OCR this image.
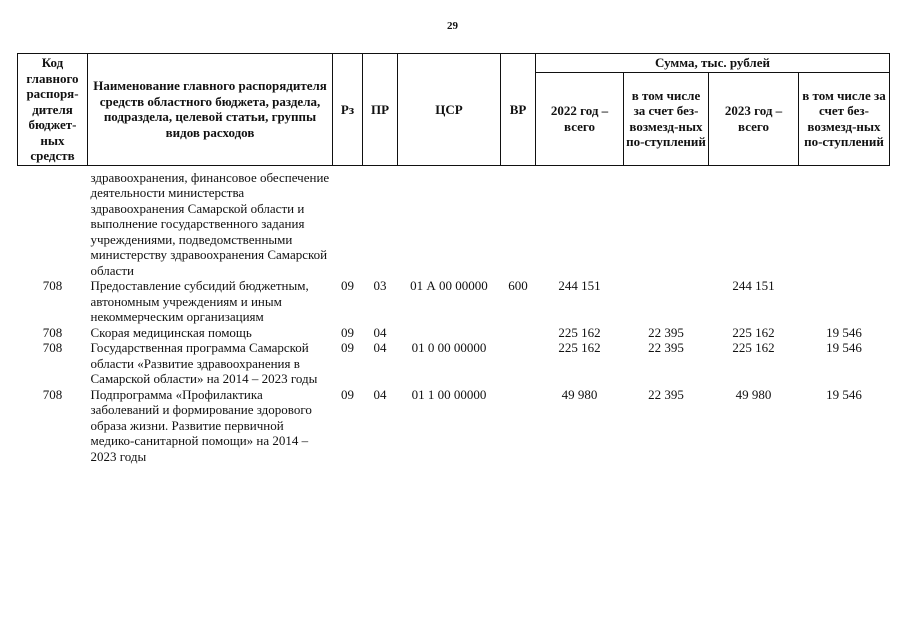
29
Код главного распоря-дителя бюджет-ных средств	Наименование главного распорядителя средств областного бюджета, раздела, подраздела, целевой статьи, группы видов расходов	Рз	ПР	ЦСР	ВР	Сумма, тыс. рублей			
						2022 год – всего	в том числе за счет без-возмезд-ных по-ступлений	2023 год – всего	в том числе за счет без-возмезд-ных по-ступлений

	здравоохранения, финансовое обеспечение деятельности министерства здравоохранения Самарской области и выполнение государственного задания учреждениями, подведомственными министерству здравоохранения Самарской области								
708	Предоставление субсидий бюджетным, автономным учреждениям и иным некоммерческим организациям	09	03	01 А 00 00000	600	244 151		244 151	
708	Скорая медицинская помощь	09	04			225 162	22 395	225 162	19 546
708	Государственная программа Самарской области «Развитие здравоохранения в Самарской области» на 2014 – 2023 годы	09	04	01 0 00 00000		225 162	22 395	225 162	19 546
708	Подпрограмма «Профилактика заболеваний и формирование здорового образа жизни. Развитие первичной медико-санитарной помощи» на 2014 – 2023 годы	09	04	01 1 00 00000		49 980	22 395	49 980	19 546
